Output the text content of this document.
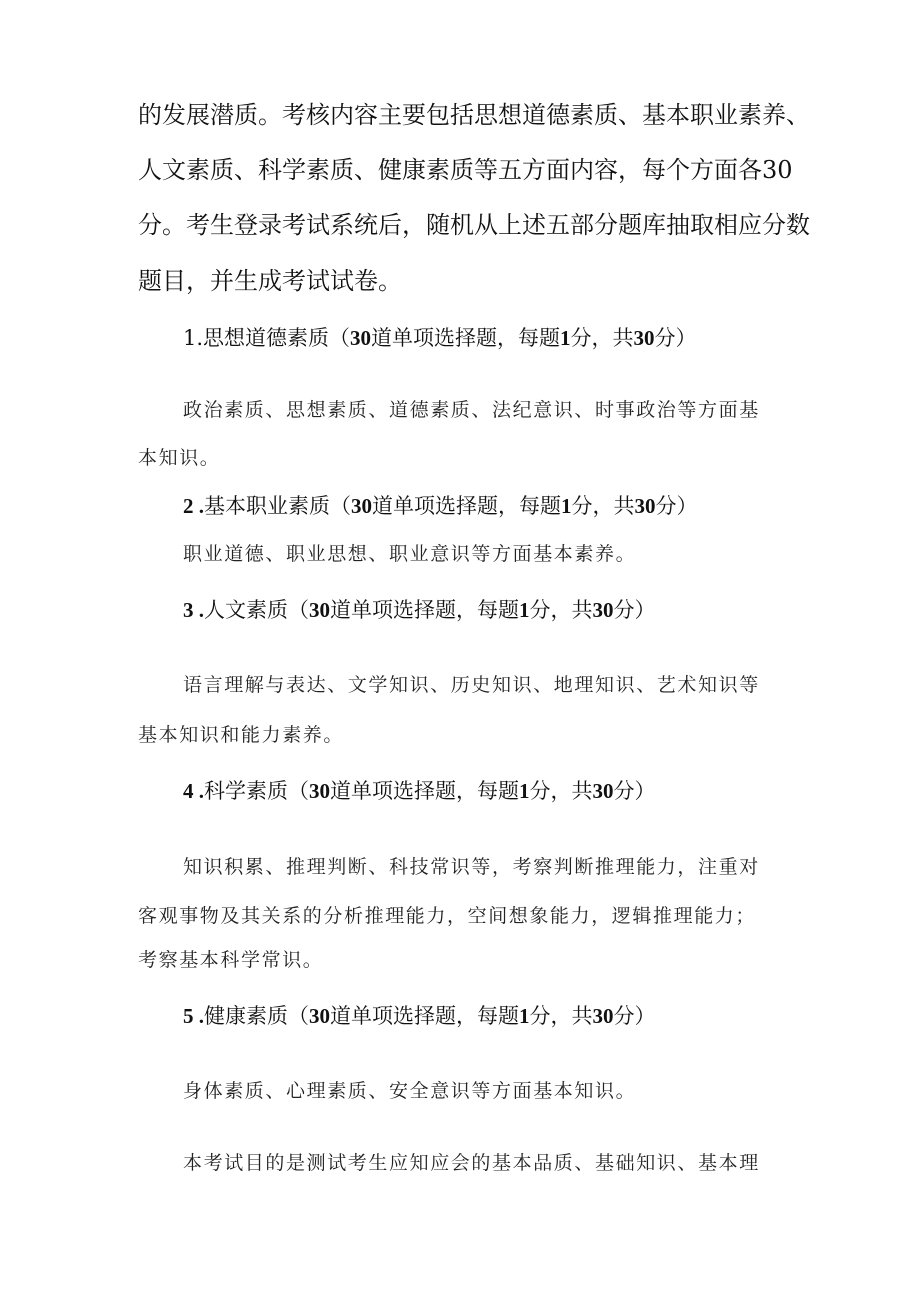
的发展潜质。考核内容主要包括思想道德素质、基本职业素养、
人文素质、科学素质、健康素质等五方面内容，每个方面各30
分。考生登录考试系统后，随机从上述五部分题库抽取相应分数
题目，并生成考试试卷。
1.思想道德素质（30道单项选择题，每题1分，共30分）
政治素质、思想素质、道德素质、法纪意识、时事政治等方面基
本知识。
2 .基本职业素质（30道单项选择题，每题1分，共30分）
职业道德、职业思想、职业意识等方面基本素养。
3 .人文素质（30道单项选择题，每题1分，共30分）
语言理解与表达、文学知识、历史知识、地理知识、艺术知识等
基本知识和能力素养。
4 .科学素质（30道单项选择题，每题1分，共30分）
知识积累、推理判断、科技常识等，考察判断推理能力，注重对
客观事物及其关系的分析推理能力，空间想象能力，逻辑推理能力；
考察基本科学常识。
5 .健康素质（30道单项选择题，每题1分，共30分）
身体素质、心理素质、安全意识等方面基本知识。
本考试目的是测试考生应知应会的基本品质、基础知识、基本理
